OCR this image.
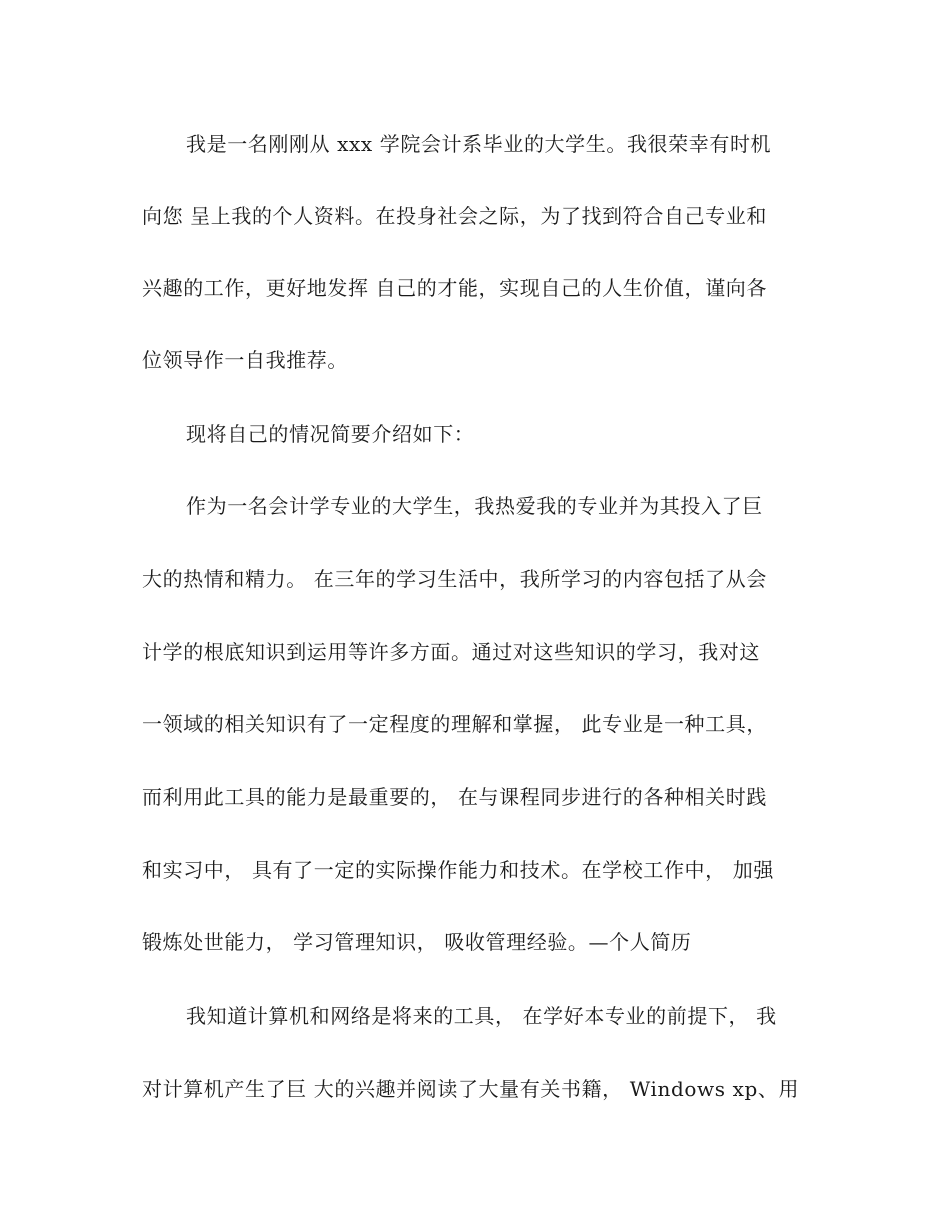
我是一名刚刚从 xxx 学院会计系毕业的大学生。我很荣幸有时机
向您 呈上我的个人资料。在投身社会之际，为了找到符合自己专业和
兴趣的工作，更好地发挥 自己的才能，实现自己的人生价值，谨向各
位领导作一自我推荐。
现将自己的情况简要介绍如下：
作为一名会计学专业的大学生，我热爱我的专业并为其投入了巨
大的热情和精力。 在三年的学习生活中，我所学习的内容包括了从会
计学的根底知识到运用等许多方面。通过对这些知识的学习，我对这
一领域的相关知识有了一定程度的理解和掌握， 此专业是一种工具，
而利用此工具的能力是最重要的， 在与课程同步进行的各种相关时践
和实习中， 具有了一定的实际操作能力和技术。在学校工作中， 加强
锻炼处世能力， 学习管理知识， 吸收管理经验。—个人简历
我知道计算机和网络是将来的工具， 在学好本专业的前提下， 我
对计算机产生了巨 大的兴趣并阅读了大量有关书籍， Windows xp、用
